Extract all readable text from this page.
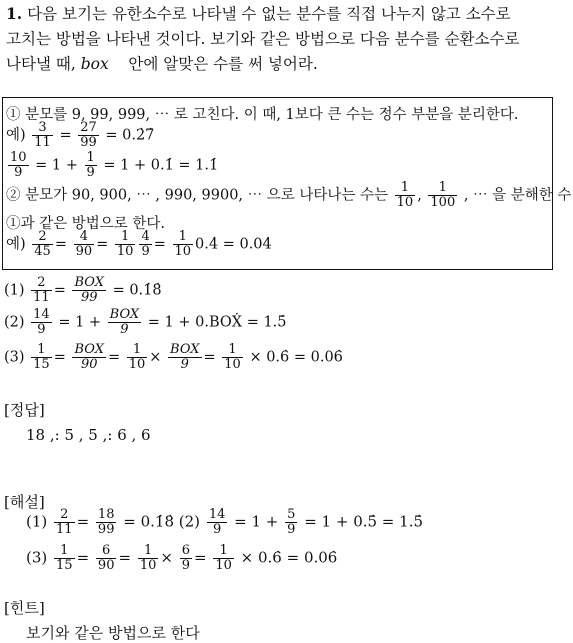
1. 다음 보기는 유한소수로 나타낼 수 없는 분수를 직접 나누지 않고 소수로
고치는 방법을 나타낸 것이다. 보기와 같은 방법으로 다음 분수를 순환소수로
나타낼 때, box 안에 알맞은 수를 써 넣어라.
① 분모를 9, 99, 999, ⋯ 로 고친다. 이 때, 1보다 큰 수는 정수 부분을 분리한다.
예) $\frac{3}{11} = \frac{27}{99}$ = 0.2̇7̇
$\frac{10}{9} = 1 + \frac{1}{9} = 1$ + 0.1̇ = 1.1̇
② 분모가 90, 900, ⋯ , 990, 9900, ⋯ 으로 나타나는 수는 $\frac{1}{10}$ , $\frac{1}{100}$ , ⋯ 을 분해한 수
①과 같은 방법으로 한다.
예) $\frac{2}{45} = \frac{4}{90} = \frac{1}{10} \frac{4}{9} = \frac{1}{10}$ 0.4̇ = 0.04̇
$(1) \frac{2}{11} = \frac{\text{BOX}}{99}$ = 0.1̇8̇
$(2) \frac{14}{9} = 1 + \frac{\text{BOX}}{9} = 1$ + 0.BOẊ = 1.5̇
$(3) \frac{1}{15} = \frac{\text{BOX}}{90} = \frac{1}{10} \times \frac{\text{BOX}}{9} = \frac{1}{10}$ × 0.6̇ = 0.06̇
[정답]
18 ,: 5 , 5 ,: 6 , 6
[해설]
$(1) \frac{2}{11} = \frac{18}{99}$ = 0.1̇8̇ $(2) \frac{14}{9} = 1 + \frac{5}{9} = 1$ + 0.5̇ = 1.5̇
$(3) \frac{1}{15} = \frac{6}{90} = \frac{1}{10} \times \frac{6}{9} = \frac{1}{10}$ × 0.6̇ = 0.06̇
[힌트]
보기와 같은 방법으로 한다
